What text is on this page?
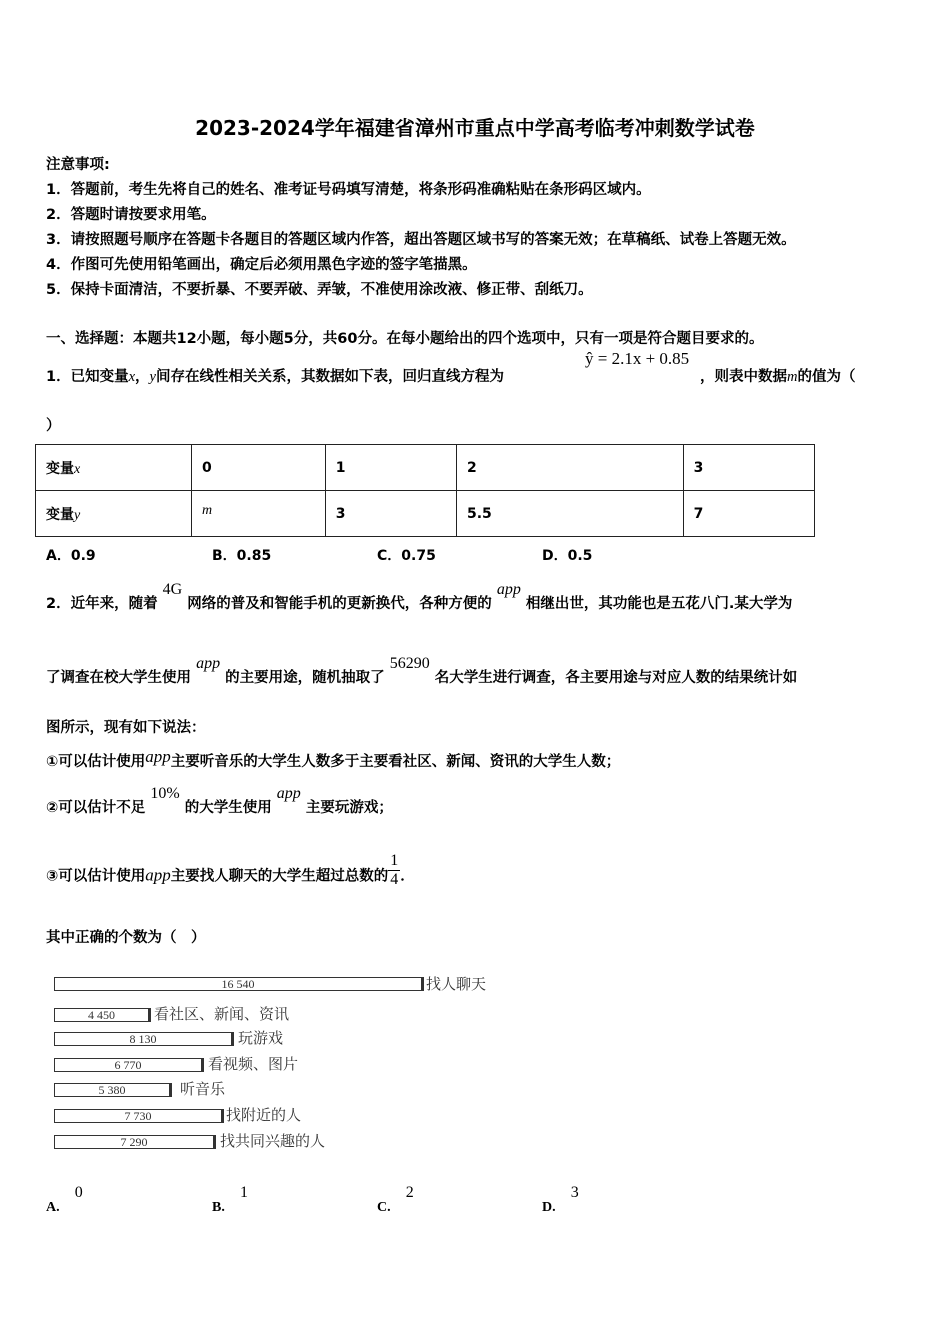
2023-2024学年福建省漳州市重点中学高考临考冲刺数学试卷
注意事项:
1．答题前，考生先将自己的姓名、准考证号码填写清楚，将条形码准确粘贴在条形码区域内。
2．答题时请按要求用笔。
3．请按照题号顺序在答题卡各题目的答题区域内作答，超出答题区域书写的答案无效；在草稿纸、试卷上答题无效。
4．作图可先使用铅笔画出，确定后必须用黑色字迹的签字笔描黑。
5．保持卡面清洁，不要折暴、不要弄破、弄皱，不准使用涂改液、修正带、刮纸刀。
一、选择题：本题共12小题，每小题5分，共60分。在每小题给出的四个选项中，只有一项是符合题目要求的。
1．已知变量x，y间存在线性相关关系，其数据如下表，回归直线方程为
ŷ = 2.1x + 0.85
，则表中数据m的值为（
）
变量x	0	1	2	3
变量y	m	3	5.5	7
A．0.9	B．0.85	C．0.75	D．0.5
2．近年来，随着 4G 网络的普及和智能手机的更新换代，各种方便的 app 相继出世，其功能也是五花八门.某大学为
了调查在校大学生使用 app 的主要用途，随机抽取了 56290 名大学生进行调查，各主要用途与对应人数的结果统计如
图所示，现有如下说法：
①可以估计使用app主要听音乐的大学生人数多于主要看社区、新闻、资讯的大学生人数；
②可以估计不足 10% 的大学生使用 app 主要玩游戏；
③可以估计使用app主要找人聊天的大学生超过总数的 $\frac{1}{4}$ ．
其中正确的个数为（　）
16 540	找人聊天
4 450	看社区、新闻、资讯
8 130	玩游戏
6 770	看视频、图片
5 380	听音乐
7 730	找附近的人
7 290	找共同兴趣的人
A. 0
B. 1
C. 2
D. 3
